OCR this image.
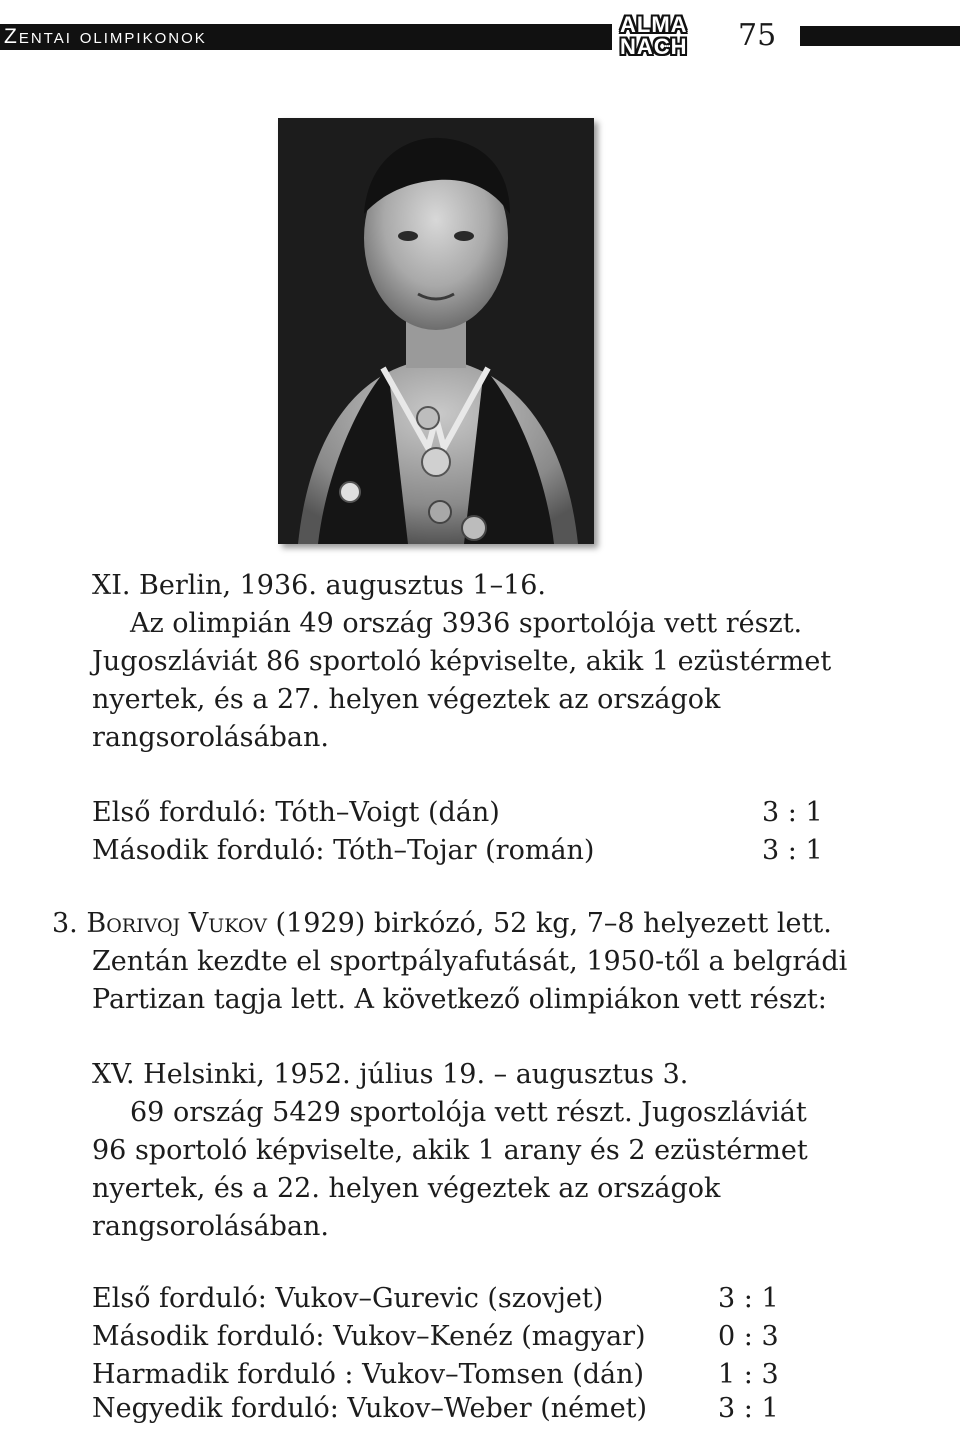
Zentai olimpikonok	ALMA
NACH	75
XI. Berlin, 1936. augusztus 1–16.
Az olimpián 49 ország 3936 sportolója vett részt.
Jugoszláviát 86 sportoló képviselte, akik 1 ezüstérmet
nyertek, és a 27. helyen végeztek az országok
rangsorolásában.
Első forduló: Tóth–Voigt (dán)	3 : 1
Második forduló: Tóth–Tojar (román)	3 : 1
3. Borivoj Vukov (1929) birkózó, 52 kg, 7–8 helyezett lett.
Zentán kezdte el sportpályafutását, 1950-től a belgrádi
Partizan tagja lett. A következő olimpiákon vett részt:
XV. Helsinki, 1952. július 19. – augusztus 3.
69 ország 5429 sportolója vett részt. Jugoszláviát
96 sportoló képviselte, akik 1 arany és 2 ezüstérmet
nyertek, és a 22. helyen végeztek az országok
rangsorolásában.
Első forduló: Vukov–Gurevic (szovjet)	3 : 1
Második forduló: Vukov–Kenéz (magyar)	0 : 3
Harmadik forduló : Vukov–Tomsen (dán)	1 : 3
Negyedik forduló: Vukov–Weber (német)	3 : 1
